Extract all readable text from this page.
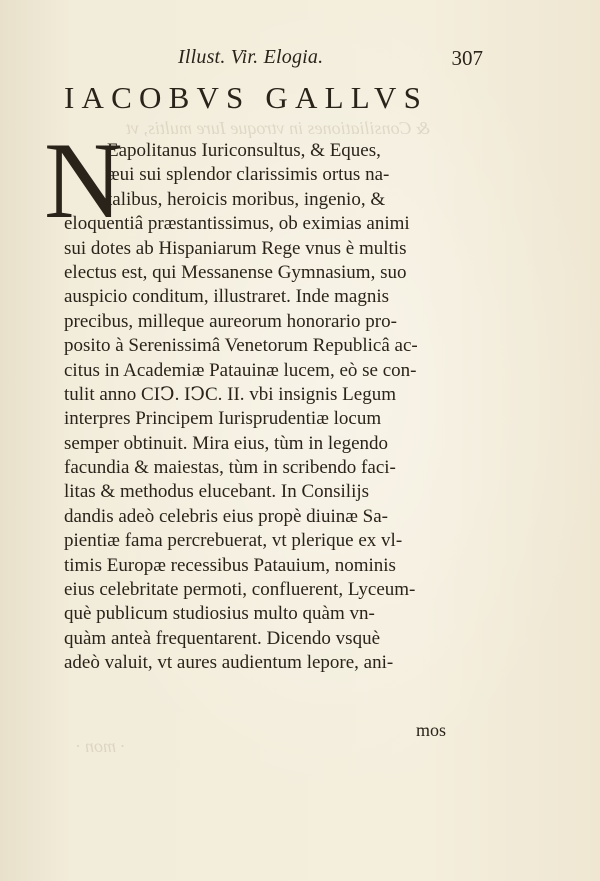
& Consiliationes in vtroque Iure multis, vt
· mon ·
Illust. Vir. Elogia.	307
IACOBVS GALLVS
N
Eapolitanus Iuriconsultus, & Eques,
æui sui splendor clarissimis ortus na-
talibus, heroicis moribus, ingenio, &
eloquentiâ præstantissimus, ob eximias animi
sui dotes ab Hispaniarum Rege vnus è multis
electus est, qui Messanense Gymnasium, suo
auspicio conditum, illustraret. Inde magnis
precibus, milleque aureorum honorario pro-
posito à Serenissimâ Venetorum Republicâ ac-
citus in Academiæ Patauinæ lucem, eò se con-
tulit anno CIↃ. IↃC. II. vbi insignis Legum
interpres Principem Iurisprudentiæ locum
semper obtinuit. Mira eius, tùm in legendo
facundia & maiestas, tùm in scribendo faci-
litas & methodus elucebant. In Consilijs
dandis adeò celebris eius propè diuinæ Sa-
pientiæ fama percrebuerat, vt plerique ex vl-
timis Europæ recessibus Patauium, nominis
eius celebritate permoti, confluerent, Lyceum-
què publicum studiosius multo quàm vn-
quàm anteà frequentarent. Dicendo vsquè
adeò valuit, vt aures audientum lepore, ani-
mos
